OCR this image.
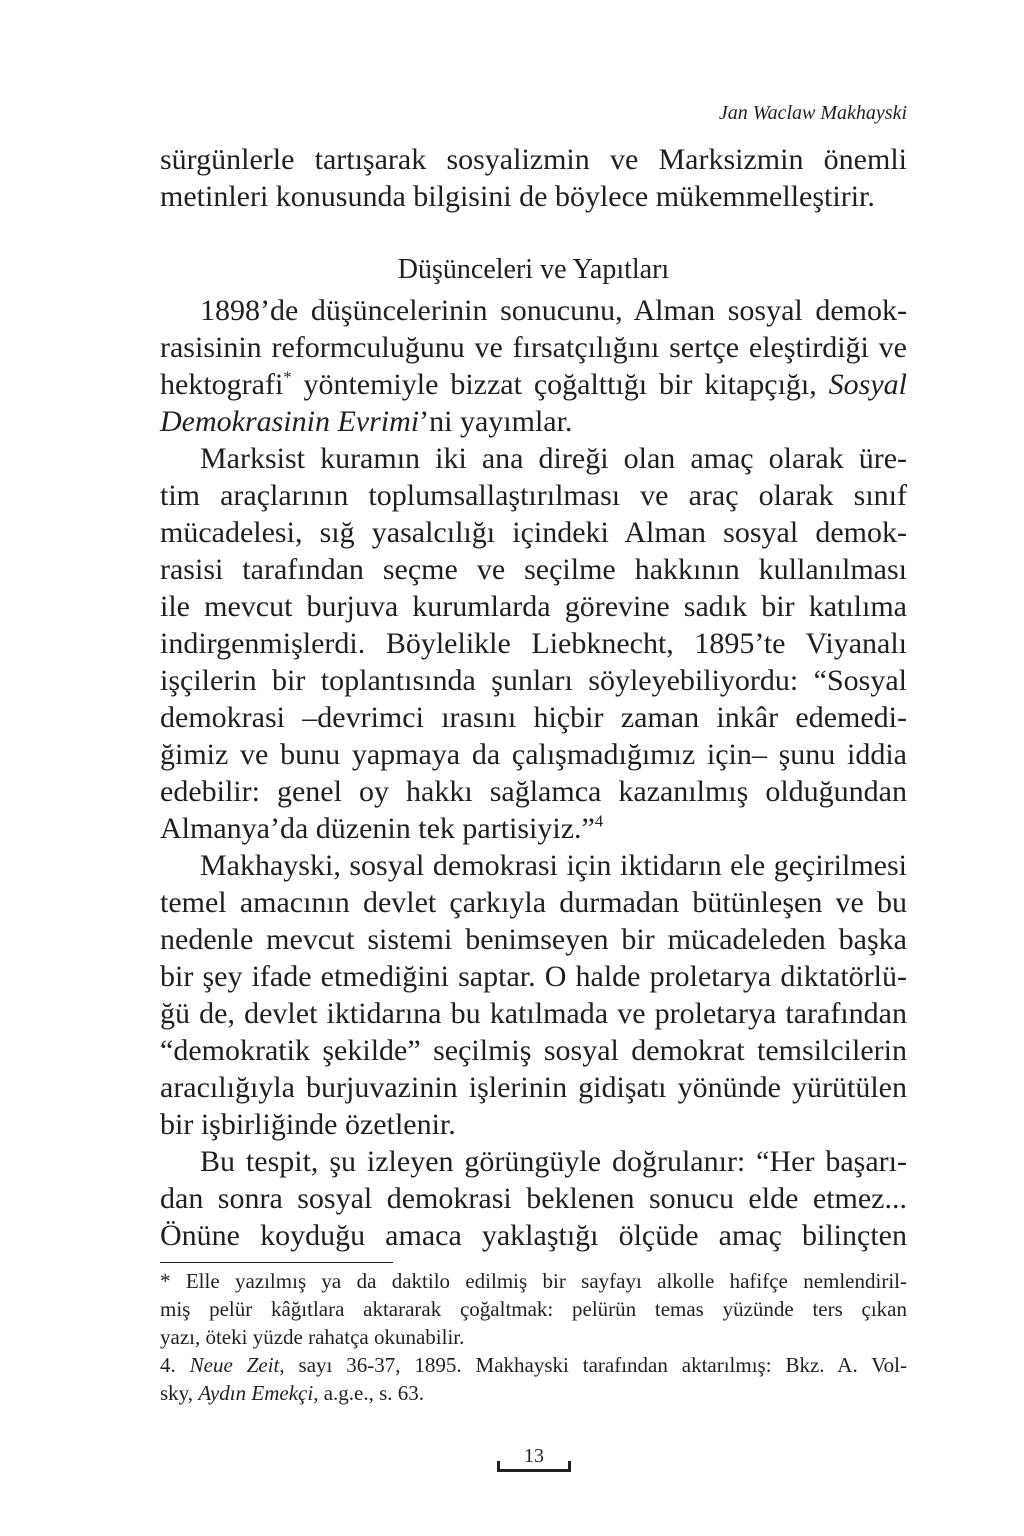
Jan Waclaw Makhayski
sürgünlerle tartışarak sosyalizmin ve Marksizmin önemli
metinleri konusunda bilgisini de böylece mükemmelleştirir.
Düşünceleri ve Yapıtları
1898’de düşüncelerinin sonucunu, Alman sosyal demok-
rasisinin reformculuğunu ve fırsatçılığını sertçe eleştirdiği ve
hektografi* yöntemiyle bizzat çoğalttığı bir kitapçığı, Sosyal
Demokrasinin Evrimi’ni yayımlar.
Marksist kuramın iki ana direği olan amaç olarak üre-
tim araçlarının toplumsallaştırılması ve araç olarak sınıf
mücadelesi, sığ yasalcılığı içindeki Alman sosyal demok-
rasisi tarafından seçme ve seçilme hakkının kullanılması
ile mevcut burjuva kurumlarda görevine sadık bir katılıma
indirgenmişlerdi. Böylelikle Liebknecht, 1895’te Viyanalı
işçilerin bir toplantısında şunları söyleyebiliyordu: “Sosyal
demokrasi –devrimci ırasını hiçbir zaman inkâr edemedi-
ğimiz ve bunu yapmaya da çalışmadığımız için– şunu iddia
edebilir: genel oy hakkı sağlamca kazanılmış olduğundan
Almanya’da düzenin tek partisiyiz.”$^4$
Makhayski, sosyal demokrasi için iktidarın ele geçirilmesi
temel amacının devlet çarkıyla durmadan bütünleşen ve bu
nedenle mevcut sistemi benimseyen bir mücadeleden başka
bir şey ifade etmediğini saptar. O halde proletarya diktatörlü-
ğü de, devlet iktidarına bu katılmada ve proletarya tarafından
“demokratik şekilde” seçilmiş sosyal demokrat temsilcilerin
aracılığıyla burjuvazinin işlerinin gidişatı yönünde yürütülen
bir işbirliğinde özetlenir.
Bu tespit, şu izleyen görüngüyle doğrulanır: “Her başarı-
dan sonra sosyal demokrasi beklenen sonucu elde etmez...
Önüne koyduğu amaca yaklaştığı ölçüde amaç bilinçten
* Elle yazılmış ya da daktilo edilmiş bir sayfayı alkolle hafifçe nemlendiril-
miş pelür kâğıtlara aktararak çoğaltmak: pelürün temas yüzünde ters çıkan
yazı, öteki yüzde rahatça okunabilir.
4. Neue Zeit, sayı 36-37, 1895. Makhayski tarafından aktarılmış: Bkz. A. Vol-
sky, Aydın Emekçi, a.g.e., s. 63.
13
